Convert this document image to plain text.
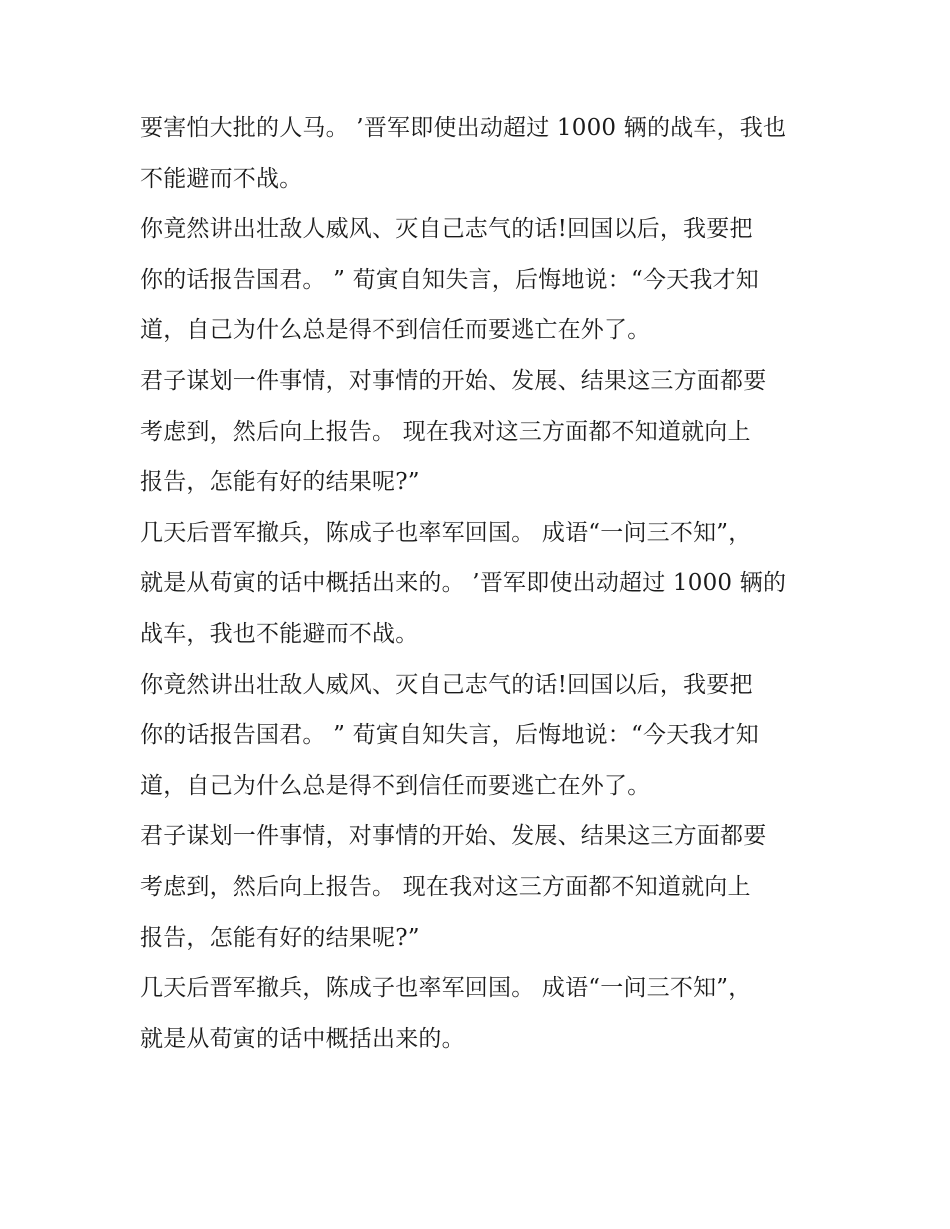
要害怕大批的人马。 ’晋军即使出动超过 1000 辆的战车，我也
不能避而不战。
你竟然讲出壮敌人威风、灭自己志气的话!回国以后，我要把
你的话报告国君。 ” 荀寅自知失言，后悔地说：“今天我才知
道，自己为什么总是得不到信任而要逃亡在外了。
君子谋划一件事情，对事情的开始、发展、结果这三方面都要
考虑到，然后向上报告。 现在我对这三方面都不知道就向上
报告，怎能有好的结果呢?”
几天后晋军撤兵，陈成子也率军回国。 成语“一问三不知”，
就是从荀寅的话中概括出来的。 ’晋军即使出动超过 1000 辆的
战车，我也不能避而不战。
你竟然讲出壮敌人威风、灭自己志气的话!回国以后，我要把
你的话报告国君。 ” 荀寅自知失言，后悔地说：“今天我才知
道，自己为什么总是得不到信任而要逃亡在外了。
君子谋划一件事情，对事情的开始、发展、结果这三方面都要
考虑到，然后向上报告。 现在我对这三方面都不知道就向上
报告，怎能有好的结果呢?”
几天后晋军撤兵，陈成子也率军回国。 成语“一问三不知”，
就是从荀寅的话中概括出来的。
